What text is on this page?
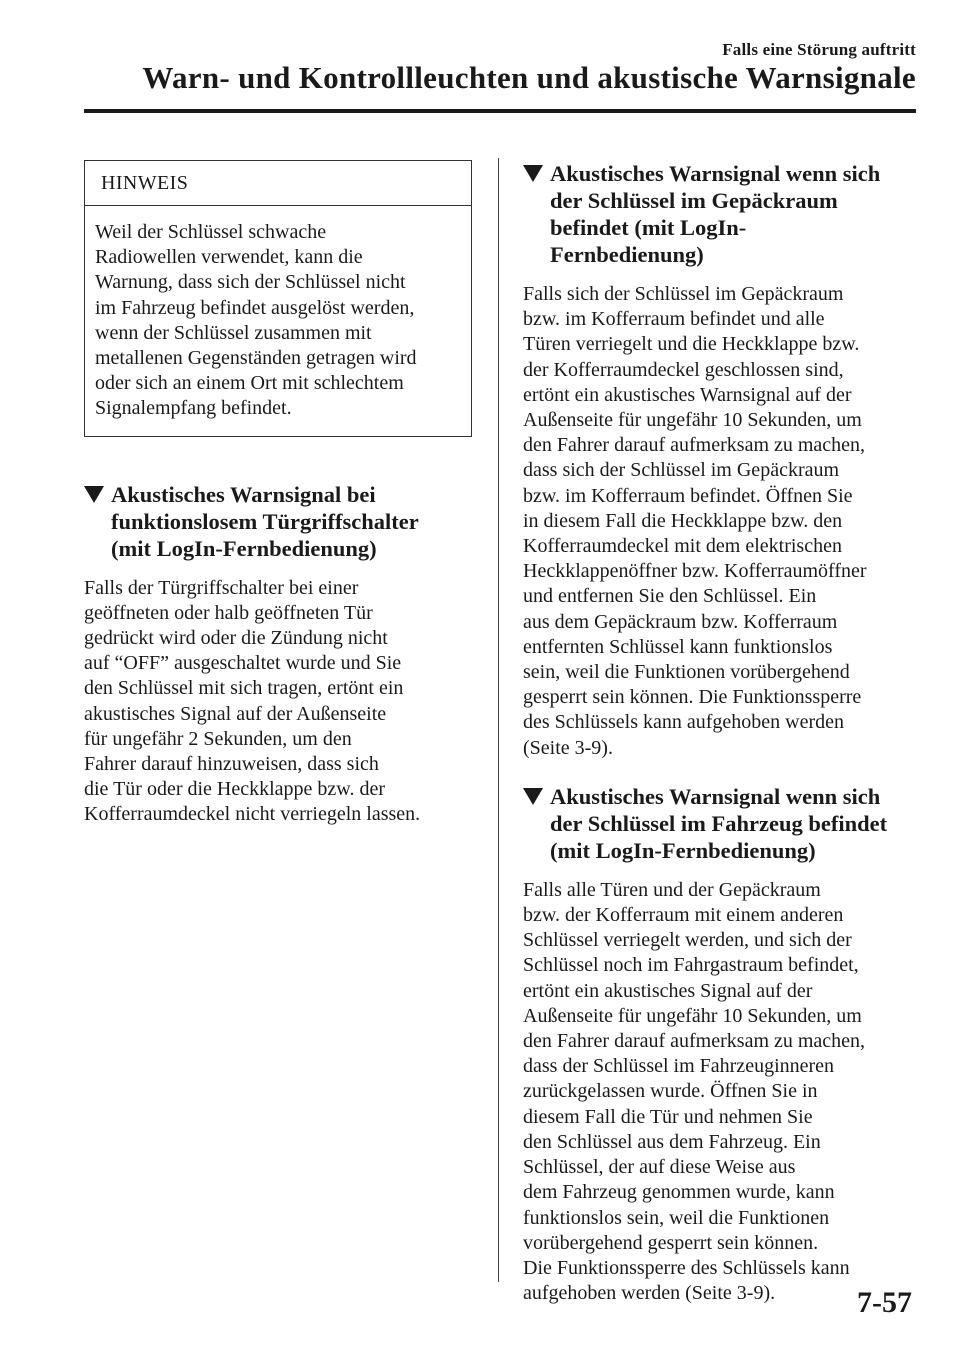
Falls eine Störung auftritt
Warn- und Kontrollleuchten und akustische Warnsignale
HINWEIS
Weil der Schlüssel schwache
Radiowellen verwendet, kann die
Warnung, dass sich der Schlüssel nicht
im Fahrzeug befindet ausgelöst werden,
wenn der Schlüssel zusammen mit
metallenen Gegenständen getragen wird
oder sich an einem Ort mit schlechtem
Signalempfang befindet.
Akustisches Warnsignal bei
funktionslosem Türgriffschalter
(mit LogIn-Fernbedienung)
Falls der Türgriffschalter bei einer
geöffneten oder halb geöffneten Tür
gedrückt wird oder die Zündung nicht
auf “OFF” ausgeschaltet wurde und Sie
den Schlüssel mit sich tragen, ertönt ein
akustisches Signal auf der Außenseite
für ungefähr 2 Sekunden, um den
Fahrer darauf hinzuweisen, dass sich
die Tür oder die Heckklappe bzw. der
Kofferraumdeckel nicht verriegeln lassen.
Akustisches Warnsignal wenn sich
der Schlüssel im Gepäckraum
befindet (mit LogIn-
Fernbedienung)
Falls sich der Schlüssel im Gepäckraum
bzw. im Kofferraum befindet und alle
Türen verriegelt und die Heckklappe bzw.
der Kofferraumdeckel geschlossen sind,
ertönt ein akustisches Warnsignal auf der
Außenseite für ungefähr 10 Sekunden, um
den Fahrer darauf aufmerksam zu machen,
dass sich der Schlüssel im Gepäckraum
bzw. im Kofferraum befindet. Öffnen Sie
in diesem Fall die Heckklappe bzw. den
Kofferraumdeckel mit dem elektrischen
Heckklappenöffner bzw. Kofferraumöffner
und entfernen Sie den Schlüssel. Ein
aus dem Gepäckraum bzw. Kofferraum
entfernten Schlüssel kann funktionslos
sein, weil die Funktionen vorübergehend
gesperrt sein können. Die Funktionssperre
des Schlüssels kann aufgehoben werden
(Seite 3-9).
Akustisches Warnsignal wenn sich
der Schlüssel im Fahrzeug befindet
(mit LogIn-Fernbedienung)
Falls alle Türen und der Gepäckraum
bzw. der Kofferraum mit einem anderen
Schlüssel verriegelt werden, und sich der
Schlüssel noch im Fahrgastraum befindet,
ertönt ein akustisches Signal auf der
Außenseite für ungefähr 10 Sekunden, um
den Fahrer darauf aufmerksam zu machen,
dass der Schlüssel im Fahrzeuginneren
zurückgelassen wurde. Öffnen Sie in
diesem Fall die Tür und nehmen Sie
den Schlüssel aus dem Fahrzeug. Ein
Schlüssel, der auf diese Weise aus
dem Fahrzeug genommen wurde, kann
funktionslos sein, weil die Funktionen
vorübergehend gesperrt sein können.
Die Funktionssperre des Schlüssels kann
aufgehoben werden (Seite 3-9).	7-57
